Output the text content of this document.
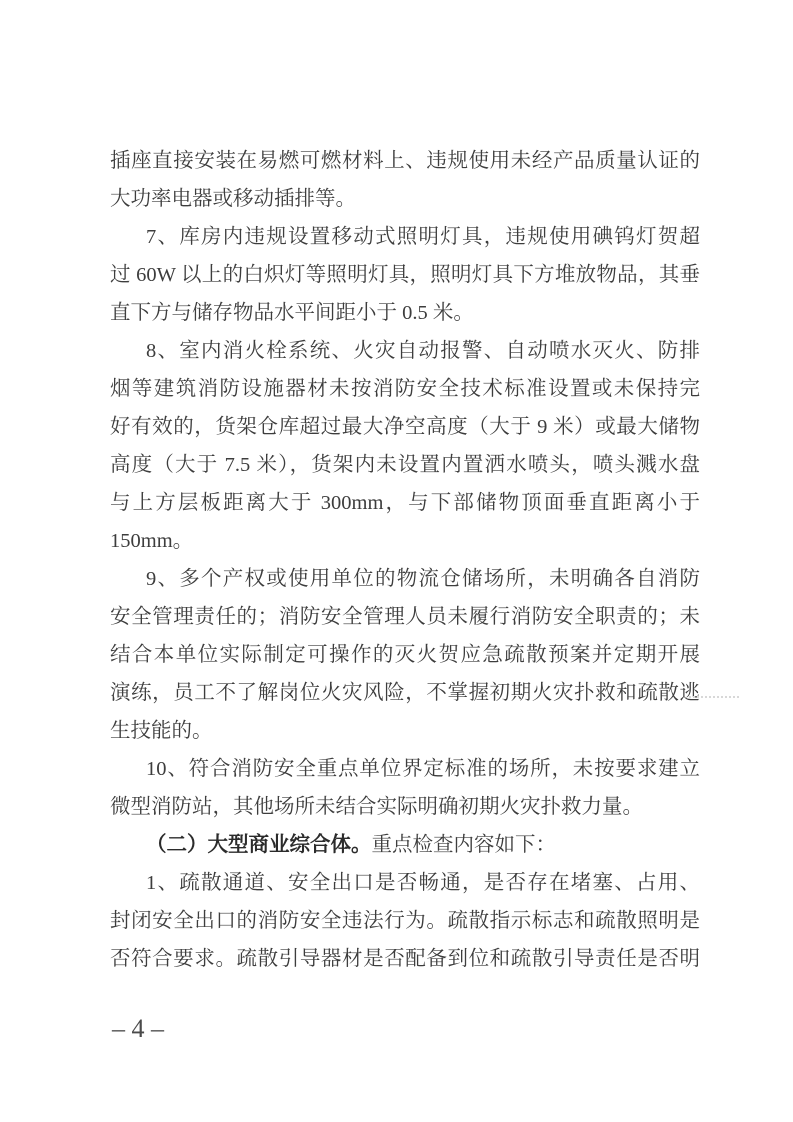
插座直接安装在易燃可燃材料上、违规使用未经产品质量认证的
大功率电器或移动插排等。
7、库房内违规设置移动式照明灯具，违规使用碘钨灯贺超
过 60W 以上的白炽灯等照明灯具，照明灯具下方堆放物品，其垂
直下方与储存物品水平间距小于 0.5 米。
8、室内消火栓系统、火灾自动报警、自动喷水灭火、防排
烟等建筑消防设施器材未按消防安全技术标准设置或未保持完
好有效的，货架仓库超过最大净空高度（大于 9 米）或最大储物
高度（大于 7.5 米），货架内未设置内置洒水喷头，喷头溅水盘
与上方层板距离大于 300mm，与下部储物顶面垂直距离小于
150mm。
9、多个产权或使用单位的物流仓储场所，未明确各自消防
安全管理责任的；消防安全管理人员未履行消防安全职责的；未
结合本单位实际制定可操作的灭火贺应急疏散预案并定期开展
演练，员工不了解岗位火灾风险，不掌握初期火灾扑救和疏散逃
生技能的。
10、符合消防安全重点单位界定标准的场所，未按要求建立
微型消防站，其他场所未结合实际明确初期火灾扑救力量。
（二）大型商业综合体。重点检查内容如下：
1、疏散通道、安全出口是否畅通，是否存在堵塞、占用、
封闭安全出口的消防安全违法行为。疏散指示标志和疏散照明是
否符合要求。疏散引导器材是否配备到位和疏散引导责任是否明
– 4 –
